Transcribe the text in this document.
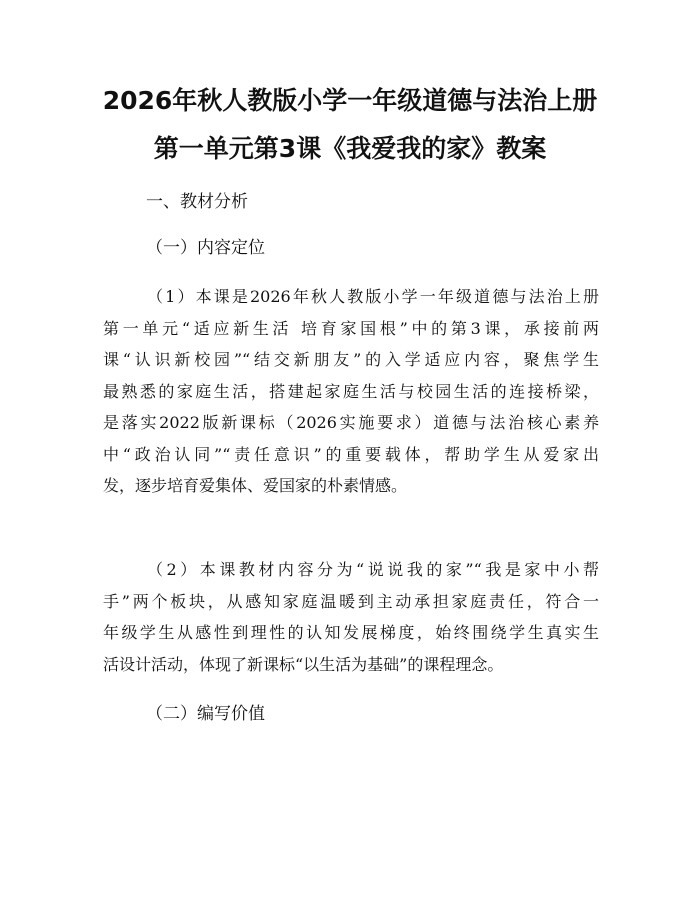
2026年秋人教版小学一年级道德与法治上册
第一单元第3课《我爱我的家》教案

一、教材分析

（一）内容定位

（1）本课是2026年秋人教版小学一年级道德与法治上册
第一单元“适应新生活 培育家国根”中的第3课，承接前两
课“认识新校园”“结交新朋友”的入学适应内容，聚焦学生
最熟悉的家庭生活，搭建起家庭生活与校园生活的连接桥梁，
是落实2022版新课标（2026实施要求）道德与法治核心素养
中“政治认同”“责任意识”的重要载体，帮助学生从爱家出
发，逐步培育爱集体、爱国家的朴素情感。
（2）本课教材内容分为“说说我的家”“我是家中小帮
手”两个板块，从感知家庭温暖到主动承担家庭责任，符合一
年级学生从感性到理性的认知发展梯度，始终围绕学生真实生
活设计活动，体现了新课标“以生活为基础”的课程理念。

（二）编写价值
